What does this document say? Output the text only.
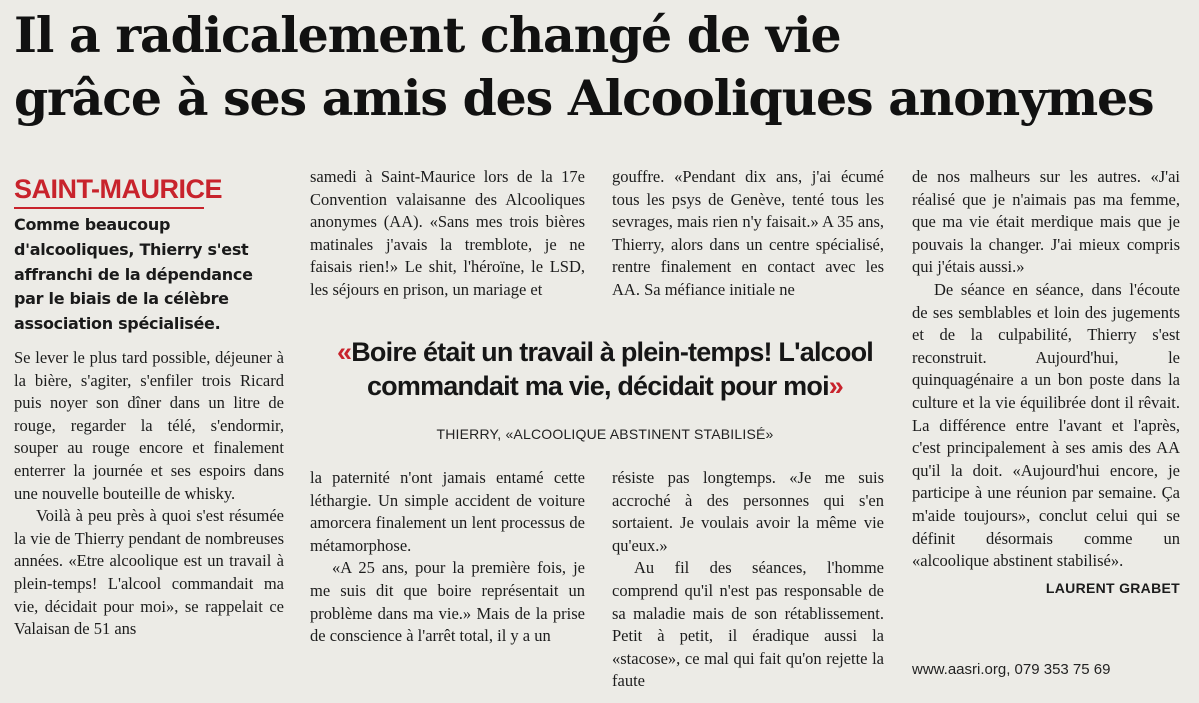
Il a radicalement changé de vie
grâce à ses amis des Alcooliques anonymes
SAINT-MAURICE

Comme beaucoup
d'alcooliques, Thierry s'est
affranchi de la dépendance
par le biais de la célèbre
association spécialisée.

Se lever le plus tard possible, déjeuner à la bière, s'agiter, s'enfiler trois Ricard puis noyer son dîner dans un litre de rouge, regarder la télé, s'endormir, souper au rouge encore et finalement enterrer la journée et ses espoirs dans une nouvelle bouteille de whisky.

Voilà à peu près à quoi s'est résumée la vie de Thierry pendant de nombreuses années. «Etre alcoolique est un travail à plein-temps! L'alcool commandait ma vie, décidait pour moi», se rappelait ce Valaisan de 51 ans

samedi à Saint-Maurice lors de la 17e Convention valaisanne des Alcooliques anonymes (AA). «Sans mes trois bières matinales j'avais la tremblote, je ne faisais rien!» Le shit, l'héroïne, le LSD, les séjours en prison, un mariage et

gouffre. «Pendant dix ans, j'ai écumé tous les psys de Genève, tenté tous les sevrages, mais rien n'y faisait.» A 35 ans, Thierry, alors dans un centre spécialisé, rentre finalement en contact avec les AA. Sa méfiance initiale ne

«Boire était un travail à plein-temps! L'alcool
commandait ma vie, décidait pour moi»
THIERRY, «ALCOOLIQUE ABSTINENT STABILISÉ»

la paternité n'ont jamais entamé cette léthargie. Un simple accident de voiture amorcera finalement un lent processus de métamorphose.

«A 25 ans, pour la première fois, je me suis dit que boire représentait un problème dans ma vie.» Mais de la prise de conscience à l'arrêt total, il y a un

résiste pas longtemps. «Je me suis accroché à des personnes qui s'en sortaient. Je voulais avoir la même vie qu'eux.»

Au fil des séances, l'homme comprend qu'il n'est pas responsable de sa maladie mais de son rétablissement. Petit à petit, il éradique aussi la «stacose», ce mal qui fait qu'on rejette la faute

de nos malheurs sur les autres. «J'ai réalisé que je n'aimais pas ma femme, que ma vie était merdique mais que je pouvais la changer. J'ai mieux compris qui j'étais aussi.»

De séance en séance, dans l'écoute de ses semblables et loin des jugements et de la culpabilité, Thierry s'est reconstruit. Aujourd'hui, le quinquagénaire a un bon poste dans la culture et la vie équilibrée dont il rêvait. La différence entre l'avant et l'après, c'est principalement à ses amis des AA qu'il la doit. «Aujourd'hui encore, je participe à une réunion par semaine. Ça m'aide toujours», conclut celui qui se définit désormais comme un «alcoolique abstinent stabilisé».

LAURENT GRABET

www.aasri.org, 079 353 75 69
